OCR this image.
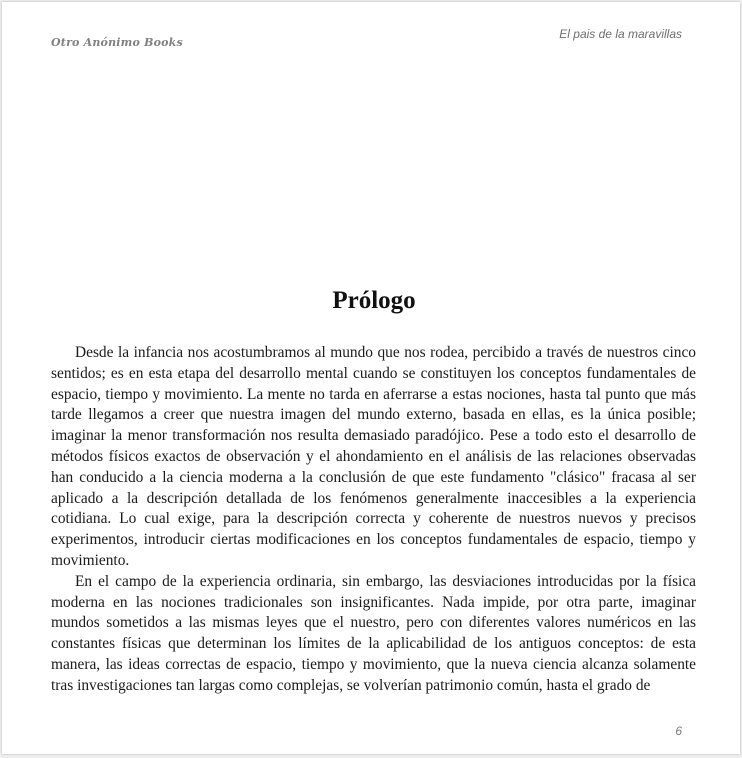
Otro Anónimo Books
El pais de la maravillas
Prólogo

Desde la infancia nos acostumbramos al mundo que nos rodea, percibido a través de nuestros cinco sentidos; es en esta etapa del desarrollo mental cuando se constituyen los conceptos fundamentales de espacio, tiempo y movimiento. La mente no tarda en aferrarse a estas nociones, hasta tal punto que más tarde llegamos a creer que nuestra imagen del mundo externo, basada en ellas, es la única posible; imaginar la menor transformación nos resulta demasiado paradójico. Pese a todo esto el desarrollo de métodos físicos exactos de observación y el ahondamiento en el análisis de las relaciones observadas han conducido a la ciencia moderna a la conclusión de que este fundamento "clásico" fracasa al ser aplicado a la descripción detallada de los fenómenos generalmente inaccesibles a la experiencia cotidiana. Lo cual exige, para la descripción correcta y coherente de nuestros nuevos y precisos experimentos, introducir ciertas modificaciones en los conceptos fundamentales de espacio, tiempo y movimiento.

En el campo de la experiencia ordinaria, sin embargo, las desviaciones introducidas por la física moderna en las nociones tradicionales son insignificantes. Nada impide, por otra parte, imaginar mundos sometidos a las mismas leyes que el nuestro, pero con diferentes valores numéricos en las constantes físicas que determinan los límites de la aplicabilidad de los antiguos conceptos: de esta manera, las ideas correctas de espacio, tiempo y movimiento, que la nueva ciencia alcanza solamente tras investigaciones tan largas como complejas, se volverían patrimonio común, hasta el grado de

6
